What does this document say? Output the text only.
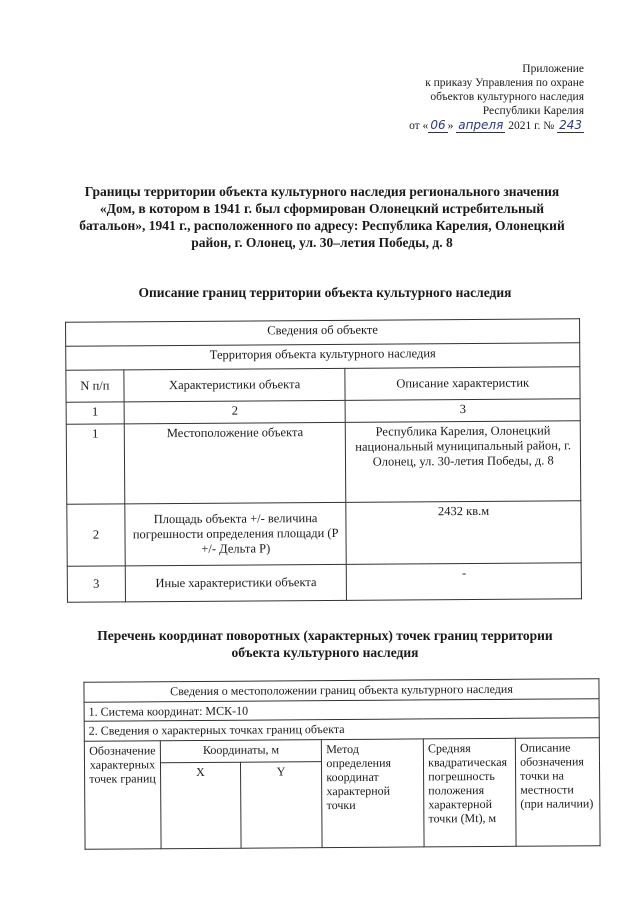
Приложение
к приказу Управления по охране
объектов культурного наследия
Республики Карелия
от « 06 » апреля 2021 г. № 243
Границы территории объекта культурного наследия регионального значения
«Дом, в котором в 1941 г. был сформирован Олонецкий истребительный
батальон», 1941 г., расположенного по адресу: Республика Карелия, Олонецкий
район, г. Олонец, ул. 30–летия Победы, д. 8
Описание границ территории объекта культурного наследия
Сведения об объекте		
Территория объекта культурного наследия		
N п/п	Характеристики объекта	Описание характеристик
1	2	3
1	Местоположение объекта	Республика Карелия, Олонецкий национальный муниципальный район, г. Олонец, ул. 30-летия Победы, д. 8
2	Площадь объекта +/- величина погрешности определения площади (P +/- Дельта P)	2432 кв.м
3	Иные характеристики объекта	-
Перечень координат поворотных (характерных) точек границ территории
объекта культурного наследия
Сведения о местоположении границ объекта культурного наследия					
1. Система координат: МСК-10					
2. Сведения о характерных точках границ объекта					
Обозначение характерных точек границ	Координаты, м		Метод определения координат характерной точки	Средняя квадратическая погрешность положения характерной точки (Mt), м	Описание обозначения точки на местности (при наличии)
	X	Y			
